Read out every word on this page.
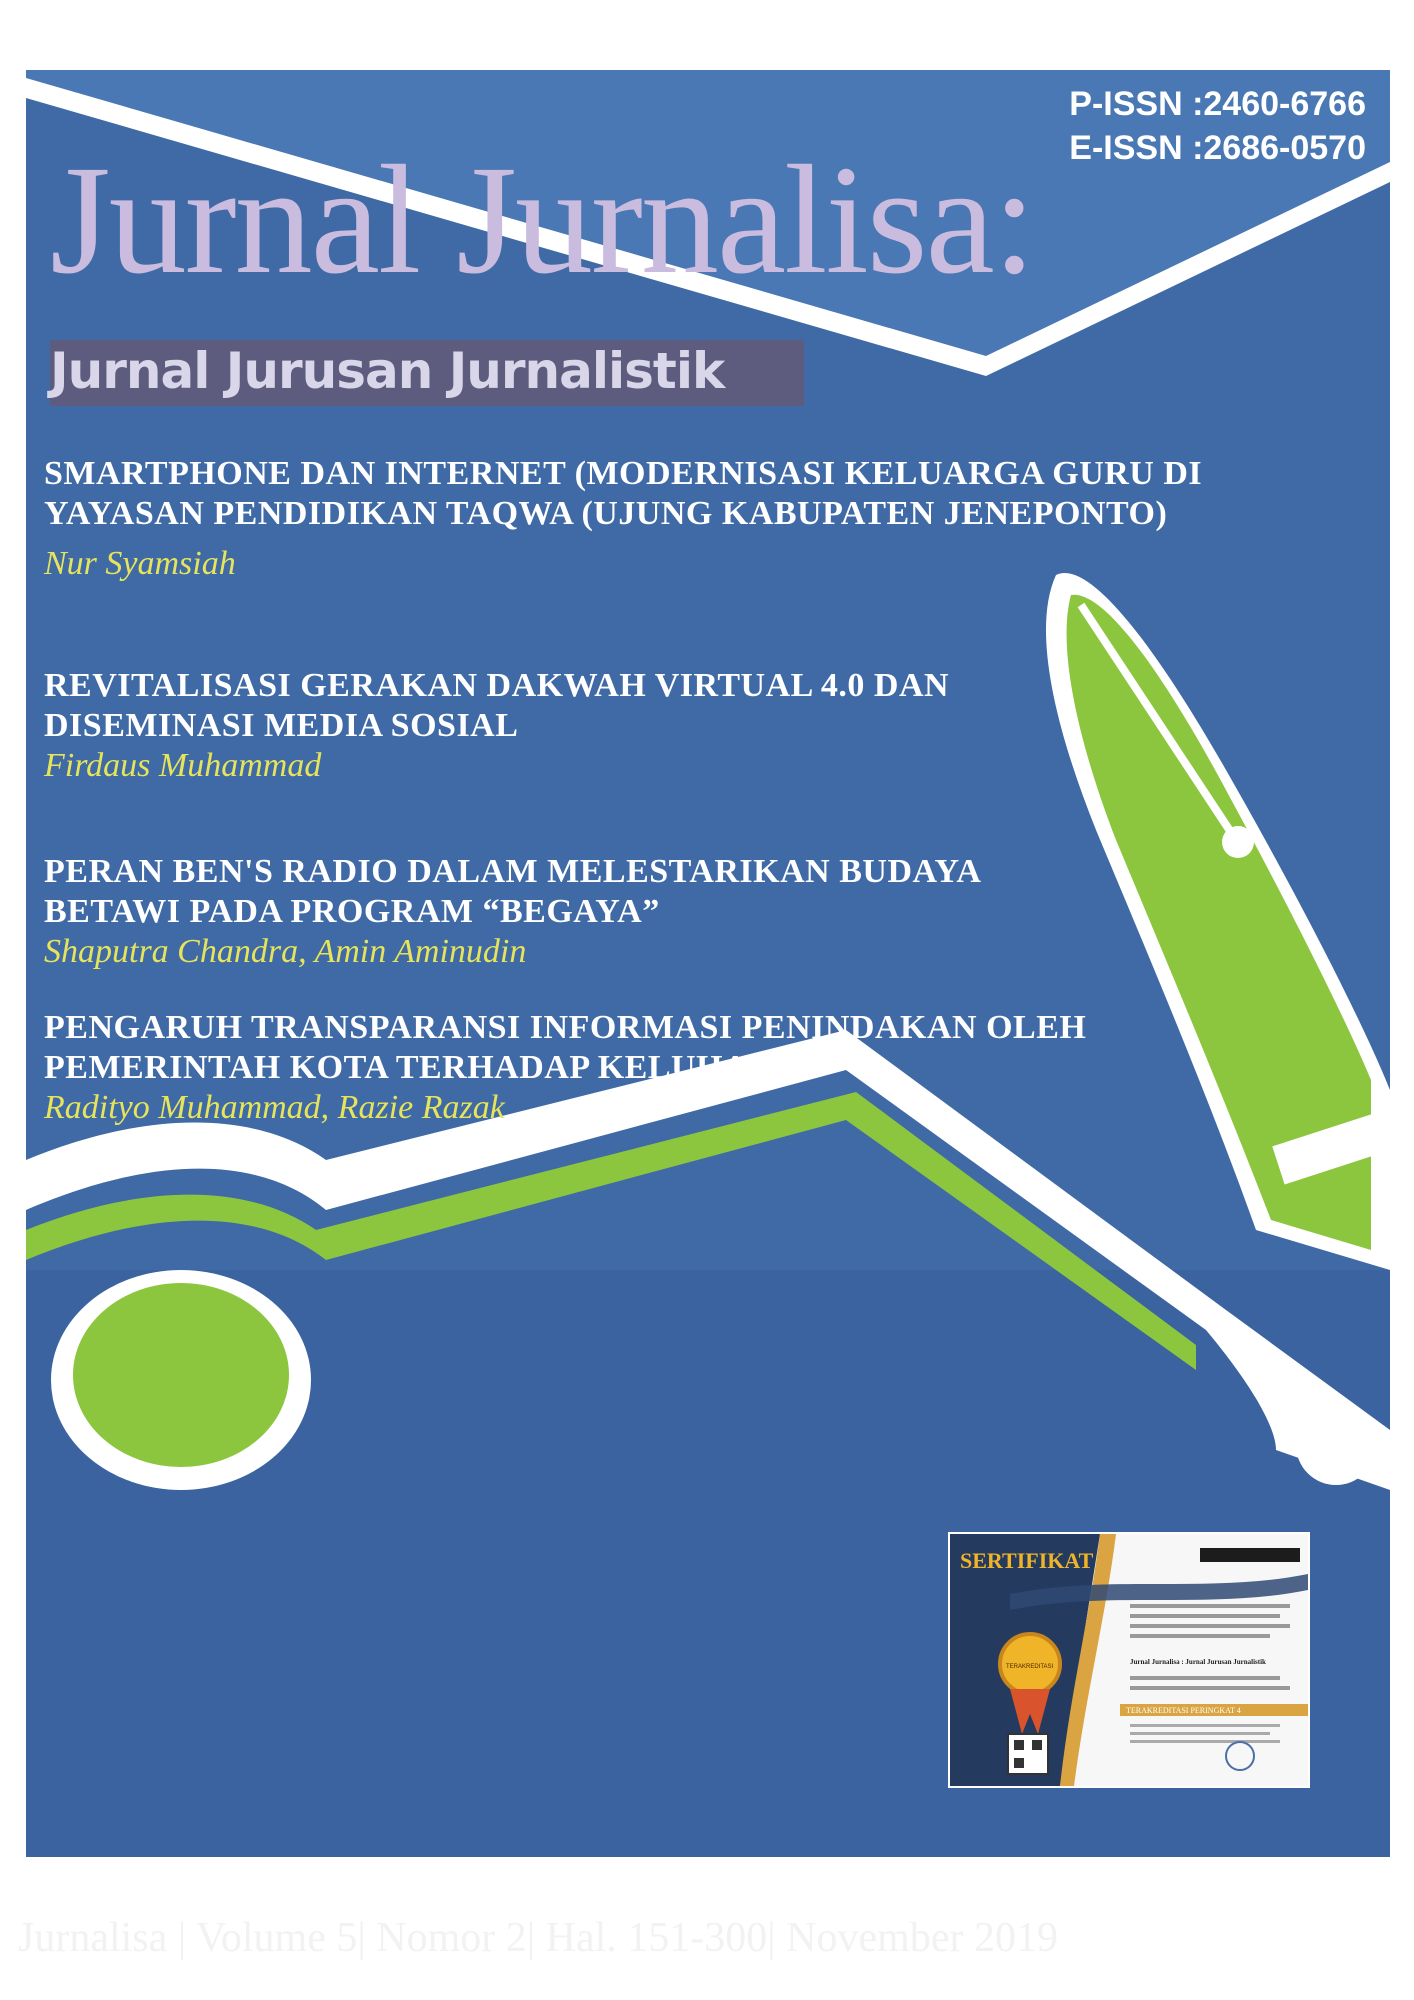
P-ISSN :2460-6766
E-ISSN :2686-0570
Jurnal Jurnalisa:
Jurnal Jurusan Jurnalistik
SMARTPHONE DAN INTERNET (MODERNISASI KELUARGA GURU DI YAYASAN PENDIDIKAN TAQWA (UJUNG KABUPATEN JENEPONTO)
Nur Syamsiah
REVITALISASI GERAKAN DAKWAH VIRTUAL 4.0 DAN DISEMINASI MEDIA SOSIAL
Firdaus Muhammad
PERAN BEN'S RADIO DALAM MELESTARIKAN BUDAYA BETAWI PADA PROGRAM “BEGAYA”
Shaputra Chandra, Amin Aminudin
PENGARUH TRANSPARANSI INFORMASI PENINDAKAN OLEH PEMERINTAH KOTA TERHADAP KELUHAN
Radityo Muhammad, Razie Razak
SERTIFIKAT
TERAKREDITASI
Jurnal Jurnalisa : Jurnal Jurusan Jurnalistik
TERAKREDITASI PERINGKAT 4
Jurnalisa | Volume 5| Nomor 2| Hal. 151-300| November 2019
